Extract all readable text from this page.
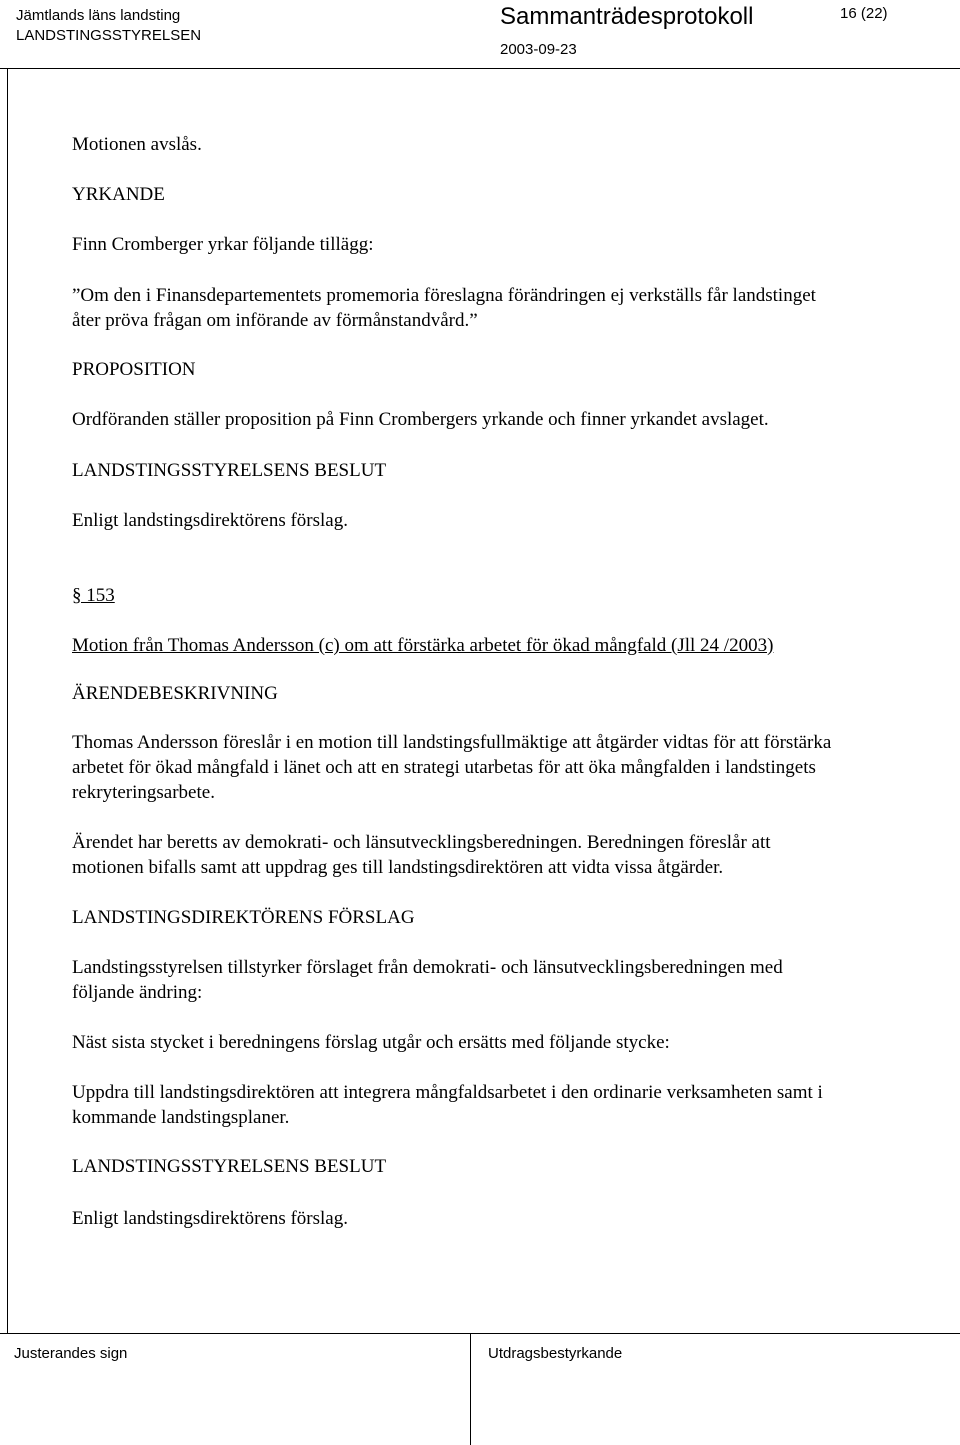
Jämtlands läns landsting
LANDSTINGSSTYRELSEN
Sammanträdesprotokoll
2003-09-23
16 (22)

Motionen avslås.

YRKANDE

Finn Cromberger yrkar följande tillägg:

”Om den i Finansdepartementets promemoria föreslagna förändringen ej verkställs får landstinget

åter pröva frågan om införande av förmånstandvård.”

PROPOSITION

Ordföranden ställer proposition på Finn Crombergers yrkande och finner yrkandet avslaget.

LANDSTINGSSTYRELSENS BESLUT

Enligt landstingsdirektörens förslag.

§ 153

Motion från Thomas Andersson (c) om att förstärka arbetet för ökad mångfald (Jll 24 /2003)

ÄRENDEBESKRIVNING

Thomas Andersson föreslår i en motion till landstingsfullmäktige att åtgärder vidtas för att förstärka

arbetet för ökad mångfald i länet och att en strategi utarbetas för att öka mångfalden i landstingets

rekryteringsarbete.

Ärendet har beretts av demokrati- och länsutvecklingsberedningen. Beredningen föreslår att

motionen bifalls samt att uppdrag ges till landstingsdirektören att vidta vissa åtgärder.

LANDSTINGSDIREKTÖRENS FÖRSLAG

Landstingsstyrelsen tillstyrker förslaget från demokrati- och länsutvecklingsberedningen med

följande ändring:

Näst sista stycket i beredningens förslag utgår och ersätts med följande stycke:

Uppdra till landstingsdirektören att integrera mångfaldsarbetet i den ordinarie verksamheten samt i

kommande landstingsplaner.

LANDSTINGSSTYRELSENS BESLUT

Enligt landstingsdirektörens förslag.

Justerandes sign	Utdragsbestyrkande
